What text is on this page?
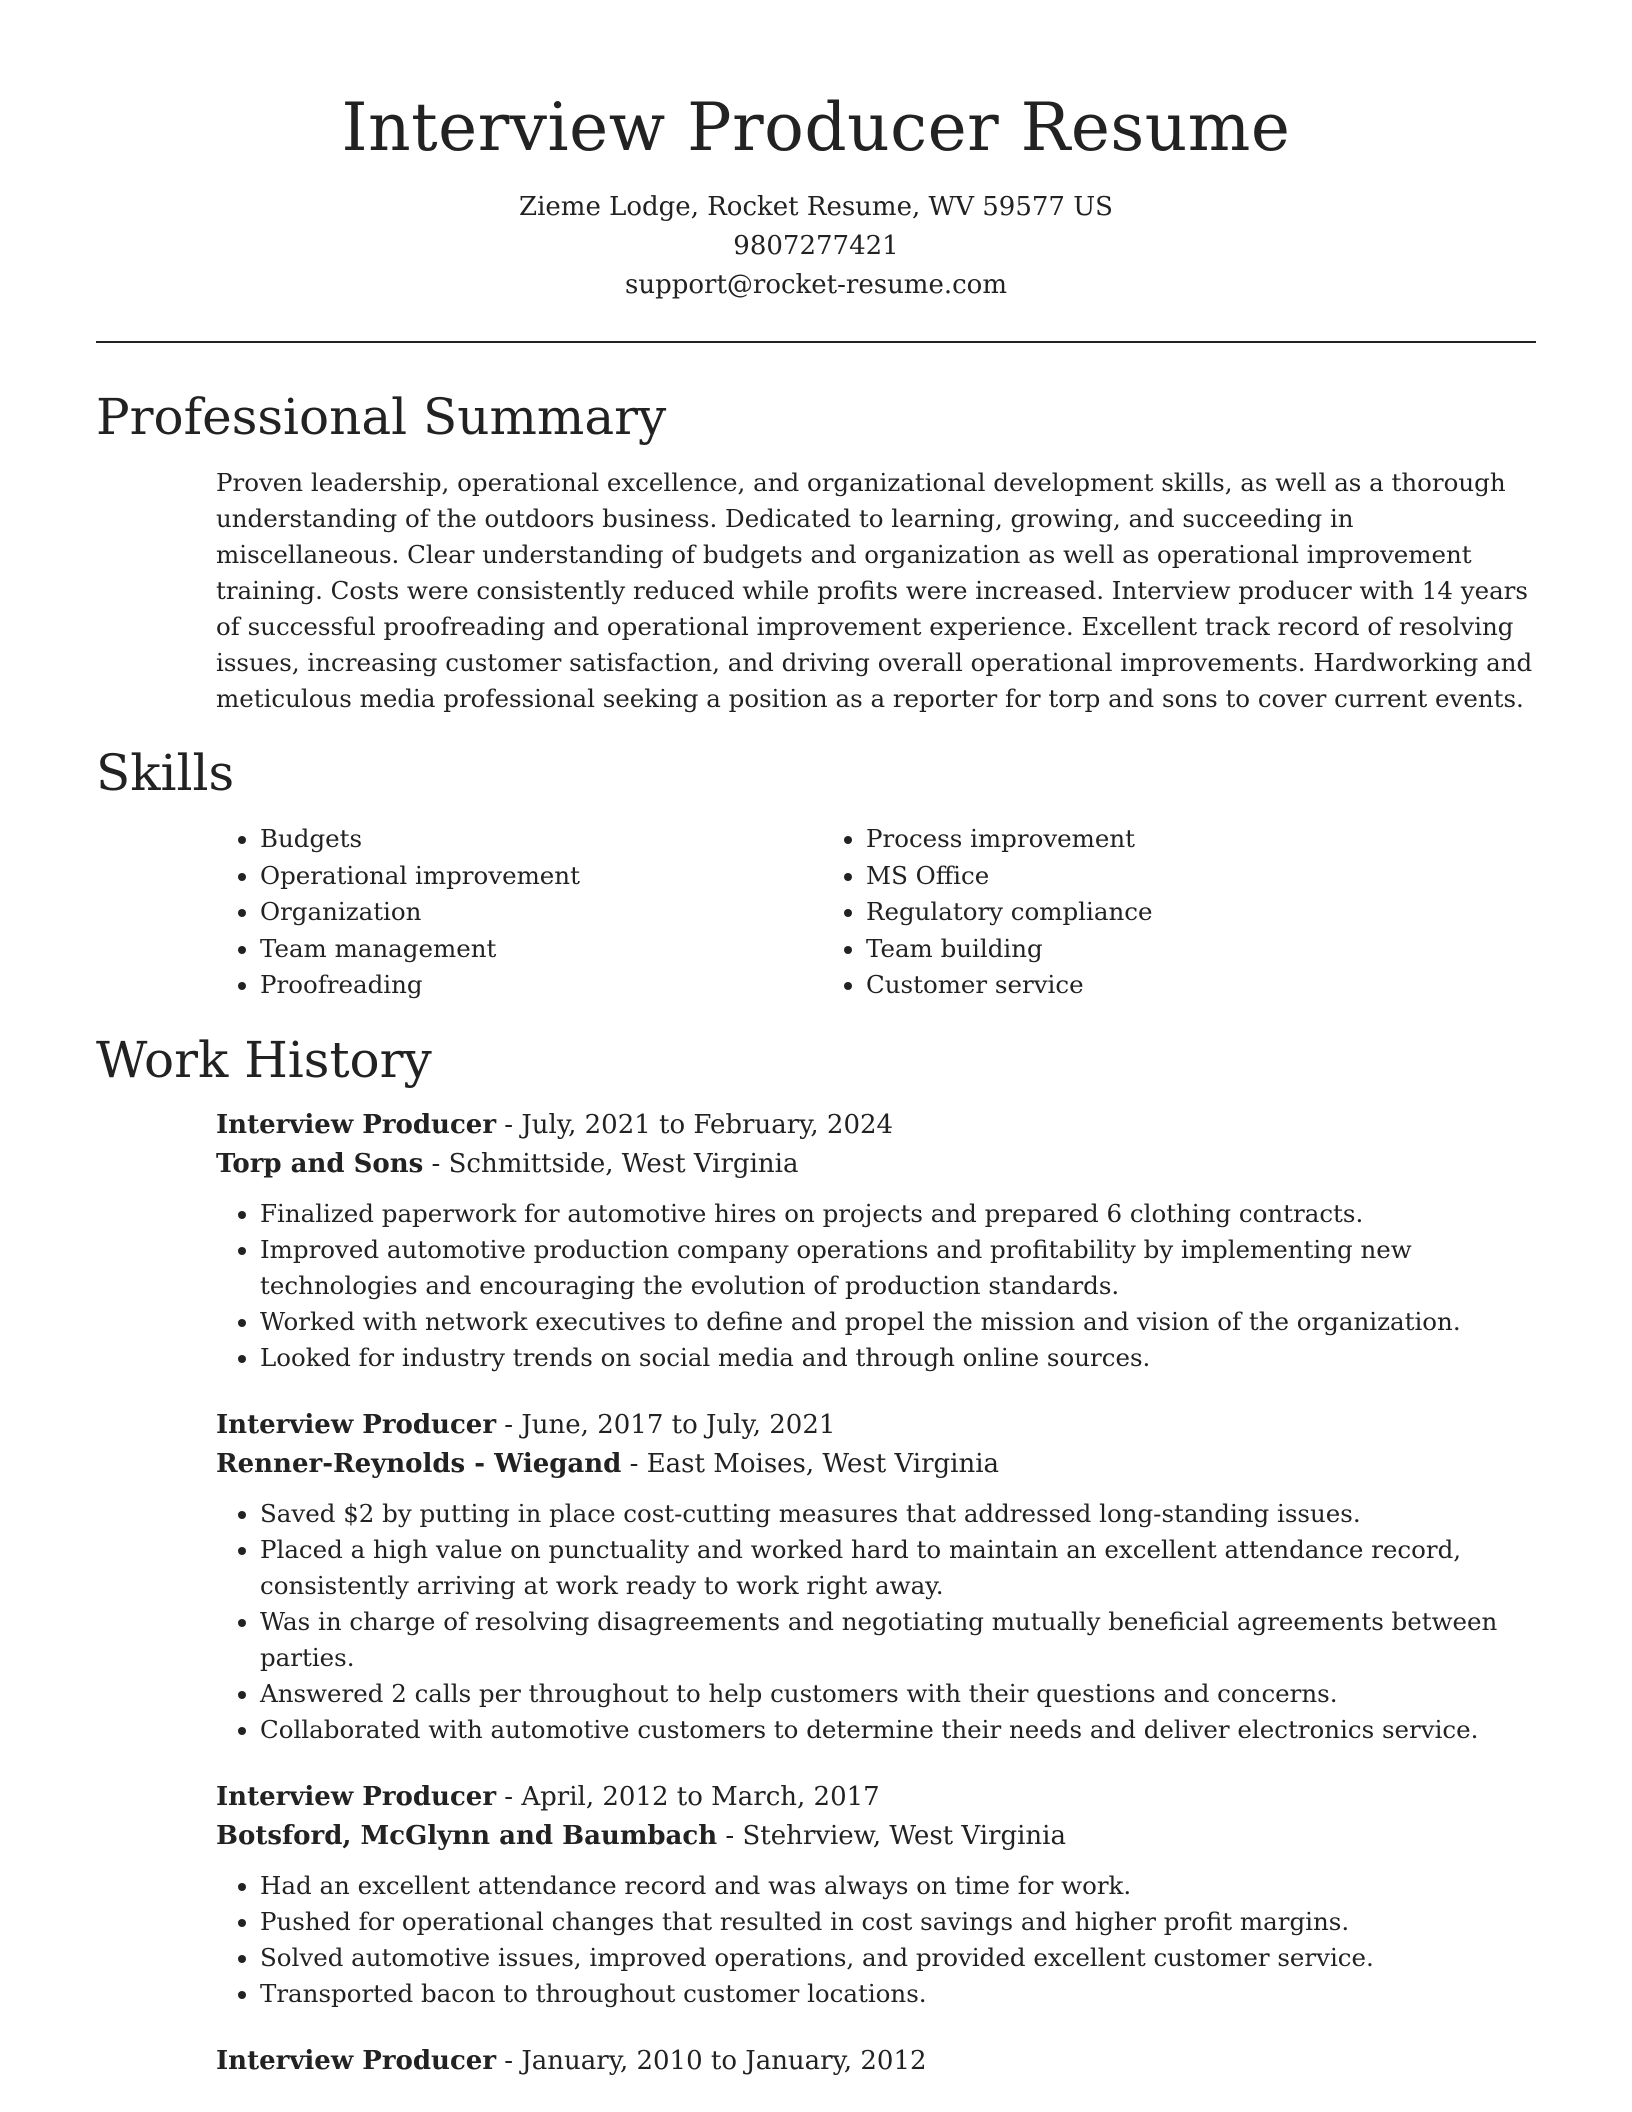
Interview Producer Resume

Zieme Lodge, Rocket Resume, WV 59577 US

9807277421

support@rocket-resume.com

Professional Summary

Proven leadership, operational excellence, and organizational development skills, as well as a thorough understanding of the outdoors business. Dedicated to learning, growing, and succeeding in miscellaneous. Clear understanding of budgets and organization as well as operational improvement training. Costs were consistently reduced while profits were increased. Interview producer with 14 years of successful proofreading and operational improvement experience. Excellent track record of resolving issues, increasing customer satisfaction, and driving overall operational improvements. Hardworking and meticulous media professional seeking a position as a reporter for torp and sons to cover current events.

Skills
• Budgets
• Operational improvement
• Organization
• Team management
• Proofreading
• Process improvement
• MS Office
• Regulatory compliance
• Team building
• Customer service
Work History

Interview Producer - July, 2021 to February, 2024

Torp and Sons - Schmittside, West Virginia

• Finalized paperwork for automotive hires on projects and prepared 6 clothing contracts.
• Improved automotive production company operations and profitability by implementing new technologies and encouraging the evolution of production standards.
• Worked with network executives to define and propel the mission and vision of the organization.
• Looked for industry trends on social media and through online sources.

Interview Producer - June, 2017 to July, 2021

Renner-Reynolds - Wiegand - East Moises, West Virginia

• Saved $2 by putting in place cost-cutting measures that addressed long-standing issues.
• Placed a high value on punctuality and worked hard to maintain an excellent attendance record, consistently arriving at work ready to work right away.
• Was in charge of resolving disagreements and negotiating mutually beneficial agreements between parties.
• Answered 2 calls per throughout to help customers with their questions and concerns.
• Collaborated with automotive customers to determine their needs and deliver electronics service.

Interview Producer - April, 2012 to March, 2017

Botsford, McGlynn and Baumbach - Stehrview, West Virginia

• Had an excellent attendance record and was always on time for work.
• Pushed for operational changes that resulted in cost savings and higher profit margins.
• Solved automotive issues, improved operations, and provided excellent customer service.
• Transported bacon to throughout customer locations.

Interview Producer - January, 2010 to January, 2012
